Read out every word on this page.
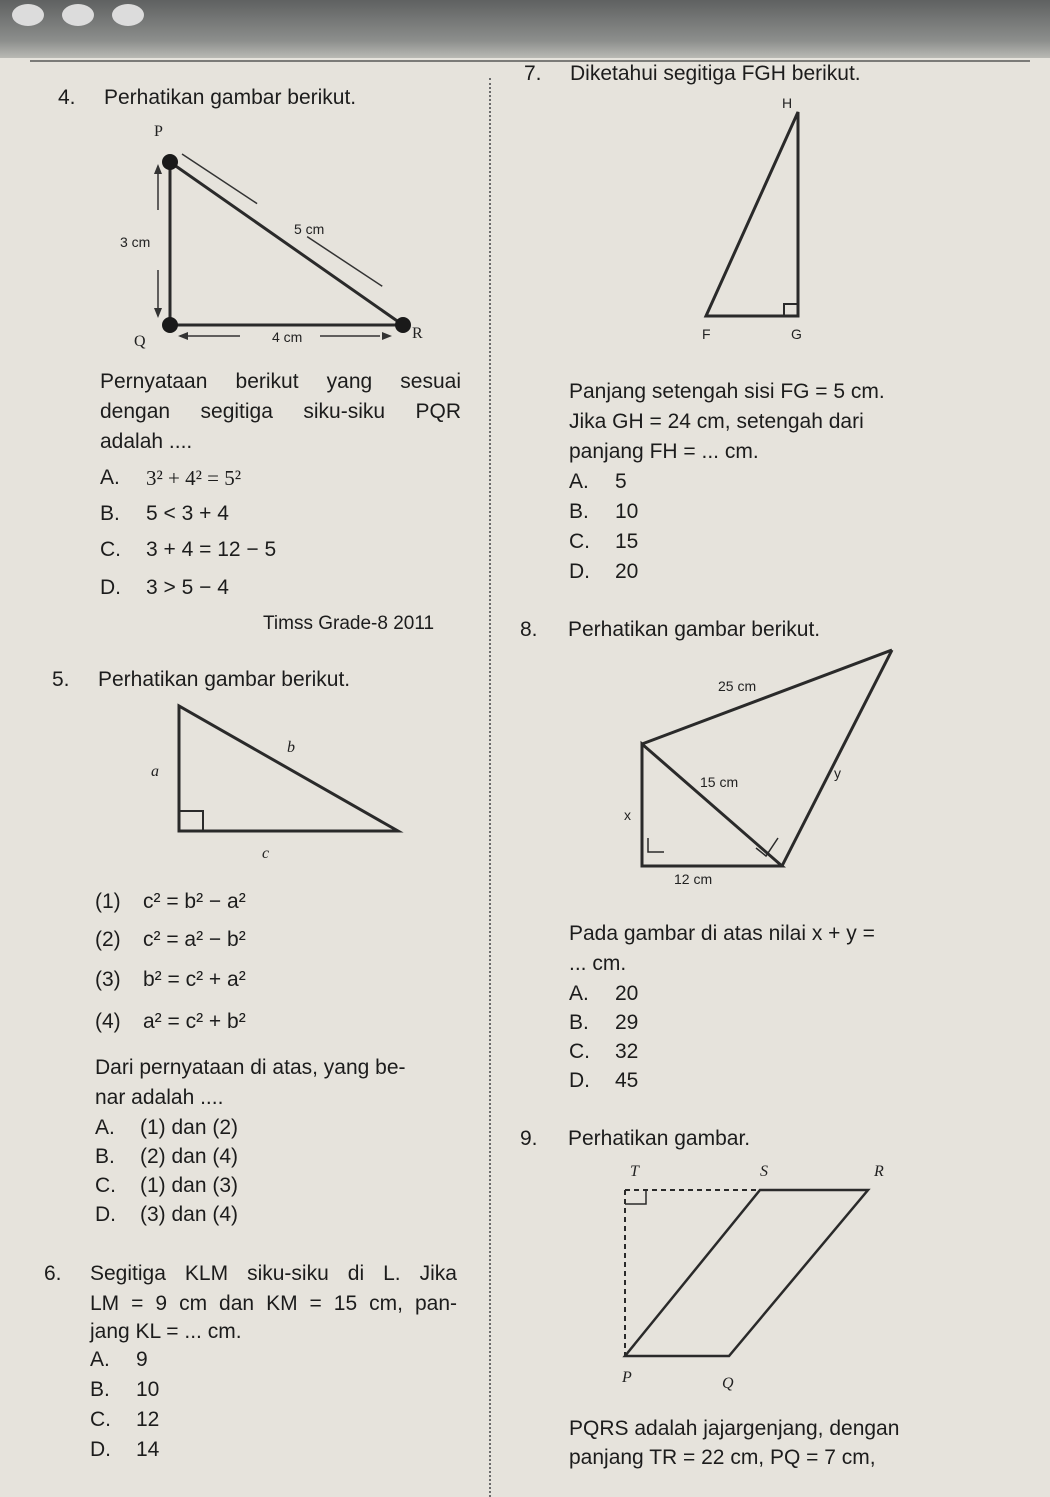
4. Perhatikan gambar berikut.
P
Q	R
3 cm
5 cm
4 cm
Pernyataan berikut yang sesuai
dengan segitiga siku-siku PQR
adalah ....
A. 3² + 4² = 5²
B. 5 < 3 + 4
C. 3 + 4 = 12 − 5
D. 3 > 5 − 4
Timss Grade-8 2011
5. Perhatikan gambar berikut.
a
b
c
(1) c² = b² − a²
(2) c² = a² − b²
(3) b² = c² + a²
(4) a² = c² + b²
Dari pernyataan di atas, yang be-
nar adalah ....
A. (1) dan (2)
B. (2) dan (4)
C. (1) dan (3)
D. (3) dan (4)
6. Segitiga KLM siku-siku di L. Jika
LM = 9 cm dan KM = 15 cm, pan-
jang KL = ... cm.
A. 9
B. 10
C. 12
D. 14
7. Diketahui segitiga FGH berikut.
H
F	G
Panjang setengah sisi FG = 5 cm.
Jika GH = 24 cm, setengah dari
panjang FH = ... cm.
A. 5
B. 10
C. 15
D. 20
8. Perhatikan gambar berikut.
25 cm
y
15 cm
x
12 cm
Pada gambar di atas nilai x + y =
... cm.
A. 20
B. 29
C. 32
D. 45
9. Perhatikan gambar.
T	S	R
P	Q
PQRS adalah jajargenjang, dengan
panjang TR = 22 cm, PQ = 7 cm,
